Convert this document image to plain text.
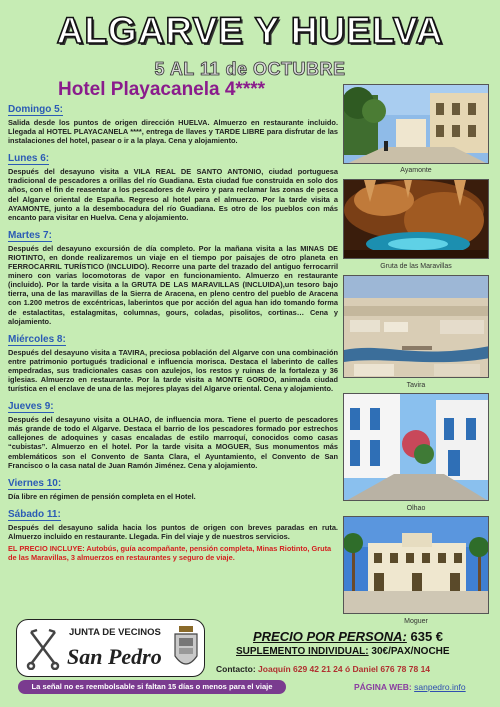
ALGARVE Y HUELVA
5 AL 11 de OCTUBRE
Hotel Playacanela 4****
Domingo 5:
Salida desde los puntos de origen dirección HUELVA. Almuerzo en restaurante incluido. Llegada al HOTEL PLAYACANELA ****, entrega de llaves y TARDE LIBRE para disfrutar de las instalaciones del hotel, pasear o ir a la playa. Cena y alojamiento.
Lunes 6:
Después del desayuno visita a VILA REAL DE SANTO ANTONIO, ciudad portuguesa tradicional de pescadores a orillas del río Guadiana. Esta ciudad fue construida en solo dos años, con el fin de reasentar a los pescadores de Aveiro y para reclamar las zonas de pesca del Algarve oriental de España. Regreso al hotel para el almuerzo. Por la tarde visita a AYAMONTE, junto a la desembocadura del río Guadiana. Es otro de los pueblos con más encanto para visitar en Huelva. Cena y alojamiento.
Martes 7:
Después del desayuno excursión de día completo. Por la mañana visita a las MINAS DE RIOTINTO, en donde realizaremos un viaje en el tiempo por paisajes de otro planeta en FERROCARRIL TURÍSTICO (INCLUIDO). Recorre una parte del trazado del antiguo ferrocarril minero con varias locomotoras de vapor en funcionamiento. Almuerzo en restaurante (incluido). Por la tarde visita a la GRUTA DE LAS MARAVILLAS (INCLUIDA),un tesoro bajo tierra, una de las maravillas de la Sierra de Aracena, en pleno centro del pueblo de Aracena con 1.200 metros de excéntricas, laberintos que por acción del agua han ido tomando forma de estalactitas, estalagmitas, columnas, gours, coladas, pisolitos, cortinas… Cena y alojamiento.
Miércoles 8:
Después del desayuno visita a TAVIRA, preciosa población del Algarve con una combinación entre patrimonio portugués tradicional e influencia morisca. Destaca el laberinto de calles empedradas, sus tradicionales casas con azulejos, los restos y ruinas de la fortaleza y 36 iglesias. Almuerzo en restaurante. Por la tarde visita a MONTE GORDO, animada ciudad turística en el enclave de una de las mejores playas del Algarve oriental. Cena y alojamiento.
Jueves 9:
Después del desayuno visita a OLHAO, de influencia mora. Tiene el puerto de pescadores más grande de todo el Algarve. Destaca el barrio de los pescadores formado por estrechos callejones de adoquines y casas encaladas de estilo marroquí, conocidos como casas “cubistas”. Almuerzo en el hotel. Por la tarde visita a MOGUER, Sus monumentos más emblemáticos son el Convento de Santa Clara, el Ayuntamiento, el Convento de San Francisco o la casa natal de Juan Ramón Jiménez. Cena y alojamiento.
Viernes 10:
Día libre en régimen de pensión completa en el Hotel.
Sábado 11:
Después del desayuno salida hacia los puntos de origen con breves paradas en ruta. Almuerzo incluido en restaurante. Llegada. Fin del viaje y de nuestros servicios.
EL PRECIO INCLUYE: Autobús, guía acompañante, pensión completa, Minas Riotinto, Gruta de las Maravillas, 3 almuerzos en restaurantes y seguro de viaje.
Ayamonte
Gruta de las Maravillas
Tavira
Olhao
Moguer
JUNTA DE VECINOS
San Pedro
PRECIO POR PERSONA: 635 €
SUPLEMENTO INDIVIDUAL: 30€/PAX/NOCHE
Contacto: Joaquín 629 42 21 24 ó Daniel 676 78 78 14
La señal no es reembolsable si faltan 15 días o menos para el viaje	PÁGINA WEB: sanpedro.info
